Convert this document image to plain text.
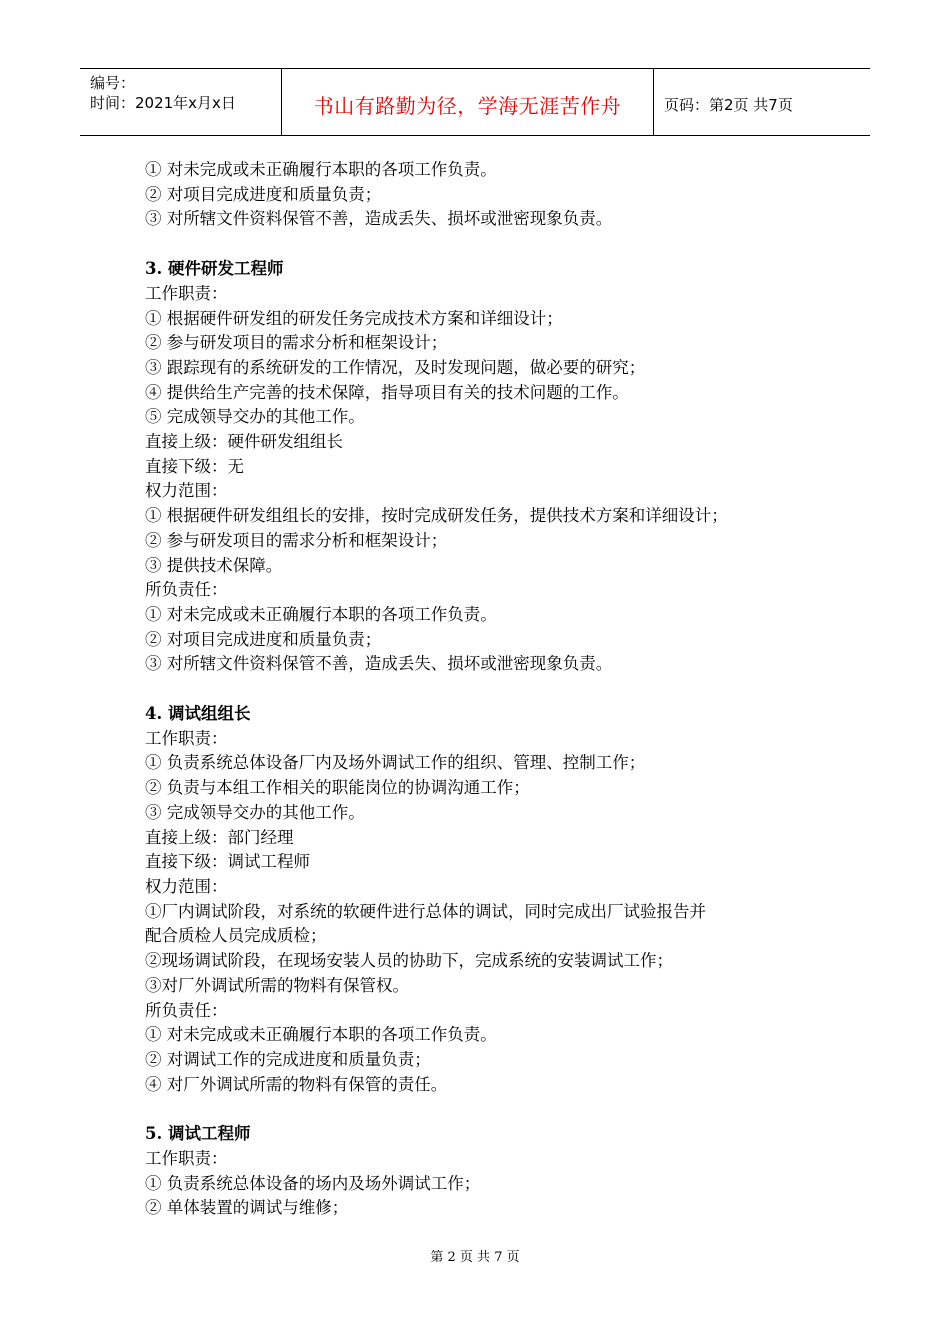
编号：
时间：2021年x月x日	书山有路勤为径，学海无涯苦作舟	页码：第2页 共7页
① 对未完成或未正确履行本职的各项工作负责。
② 对项目完成进度和质量负责；
③ 对所辖文件资料保管不善，造成丢失、损坏或泄密现象负责。
3. 硬件研发工程师
工作职责：
① 根据硬件研发组的研发任务完成技术方案和详细设计；
② 参与研发项目的需求分析和框架设计；
③ 跟踪现有的系统研发的工作情况，及时发现问题，做必要的研究；
④ 提供给生产完善的技术保障，指导项目有关的技术问题的工作。
⑤ 完成领导交办的其他工作。
直接上级：硬件研发组组长
直接下级：无
权力范围：
① 根据硬件研发组组长的安排，按时完成研发任务，提供技术方案和详细设计；
② 参与研发项目的需求分析和框架设计；
③ 提供技术保障。
所负责任：
① 对未完成或未正确履行本职的各项工作负责。
② 对项目完成进度和质量负责；
③ 对所辖文件资料保管不善，造成丢失、损坏或泄密现象负责。
4. 调试组组长
工作职责：
① 负责系统总体设备厂内及场外调试工作的组织、管理、控制工作；
② 负责与本组工作相关的职能岗位的协调沟通工作；
③ 完成领导交办的其他工作。
直接上级：部门经理
直接下级：调试工程师
权力范围：
①厂内调试阶段，对系统的软硬件进行总体的调试，同时完成出厂试验报告并
配合质检人员完成质检；
②现场调试阶段，在现场安装人员的协助下，完成系统的安装调试工作；
③对厂外调试所需的物料有保管权。
所负责任：
① 对未完成或未正确履行本职的各项工作负责。
② 对调试工作的完成进度和质量负责；
④ 对厂外调试所需的物料有保管的责任。
5. 调试工程师
工作职责：
① 负责系统总体设备的场内及场外调试工作；
② 单体装置的调试与维修；
第 2 页 共 7 页
